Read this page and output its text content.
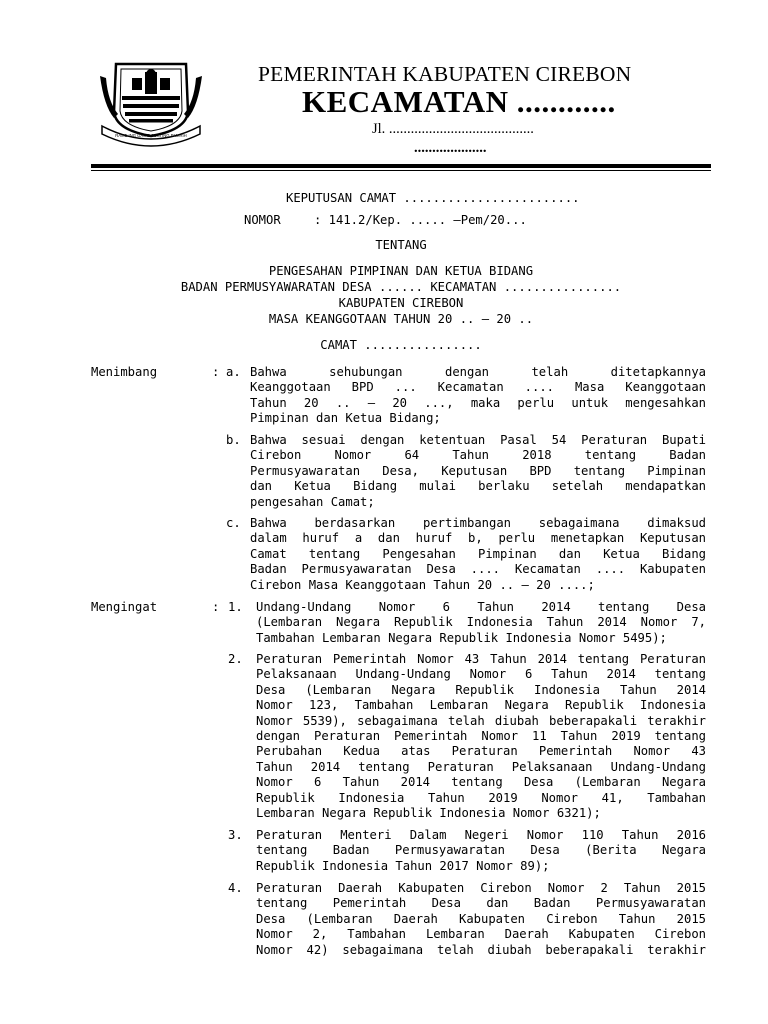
RAME ING GAWE SUCI ING PAMRIH
PEMERINTAH KABUPATEN CIREBON
KECAMATAN ............
Jl. ........................................
....................
KEPUTUSAN CAMAT ........................
NOMOR	: 141.2/Kep. ..... –Pem/20...
TENTANG
PENGESAHAN PIMPINAN DAN KETUA BIDANG
BADAN PERMUSYAWARATAN DESA ...... KECAMATAN ................
KABUPATEN CIREBON
MASA KEANGGOTAAN TAHUN 20 .. – 20 ..
CAMAT ................
Menimbang	: a. Bahwa sehubungan dengan telah ditetapkannya
Keanggotaan BPD ... Kecamatan .... Masa Keanggotaan
Tahun 20 .. – 20 ..., maka perlu untuk mengesahkan
Pimpinan dan Ketua Bidang;
b. Bahwa sesuai dengan ketentuan Pasal 54 Peraturan Bupati
Cirebon Nomor 64 Tahun 2018 tentang Badan
Permusyawaratan Desa, Keputusan BPD tentang Pimpinan
dan Ketua Bidang mulai berlaku setelah mendapatkan
pengesahan Camat;
c. Bahwa berdasarkan pertimbangan sebagaimana dimaksud
dalam huruf a dan huruf b, perlu menetapkan Keputusan
Camat tentang Pengesahan Pimpinan dan Ketua Bidang
Badan Permusyawaratan Desa .... Kecamatan .... Kabupaten
Cirebon Masa Keanggotaan Tahun 20 .. – 20 ....;
Mengingat	: 1. Undang-Undang Nomor 6 Tahun 2014 tentang Desa
(Lembaran Negara Republik Indonesia Tahun 2014 Nomor 7,
Tambahan Lembaran Negara Republik Indonesia Nomor 5495);
2. Peraturan Pemerintah Nomor 43 Tahun 2014 tentang Peraturan
Pelaksanaan Undang-Undang Nomor 6 Tahun 2014 tentang
Desa (Lembaran Negara Republik Indonesia Tahun 2014
Nomor 123, Tambahan Lembaran Negara Republik Indonesia
Nomor 5539), sebagaimana telah diubah beberapakali terakhir
dengan Peraturan Pemerintah Nomor 11 Tahun 2019 tentang
Perubahan Kedua atas Peraturan Pemerintah Nomor 43
Tahun 2014 tentang Peraturan Pelaksanaan Undang-Undang
Nomor 6 Tahun 2014 tentang Desa (Lembaran Negara
Republik Indonesia Tahun 2019 Nomor 41, Tambahan
Lembaran Negara Republik Indonesia Nomor 6321);
3. Peraturan Menteri Dalam Negeri Nomor 110 Tahun 2016
tentang Badan Permusyawaratan Desa (Berita Negara
Republik Indonesia Tahun 2017 Nomor 89);
4. Peraturan Daerah Kabupaten Cirebon Nomor 2 Tahun 2015
tentang Pemerintah Desa dan Badan Permusyawaratan
Desa (Lembaran Daerah Kabupaten Cirebon Tahun 2015
Nomor 2, Tambahan Lembaran Daerah Kabupaten Cirebon
Nomor 42) sebagaimana telah diubah beberapakali terakhir
